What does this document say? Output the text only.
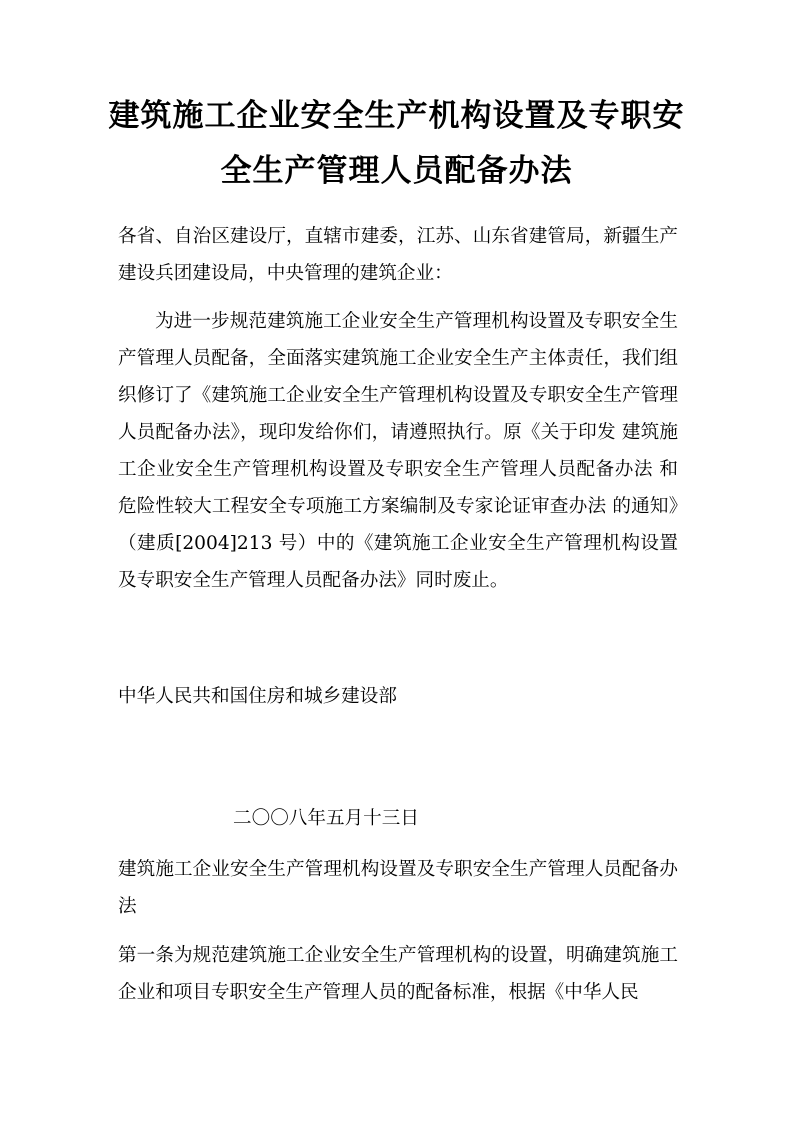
建筑施工企业安全生产机构设置及专职安
全生产管理人员配备办法
各省、自治区建设厅，直辖市建委，江苏、山东省建管局，新疆生产建设兵团建设局，中央管理的建筑企业：
为进一步规范建筑施工企业安全生产管理机构设置及专职安全生产管理人员配备，全面落实建筑施工企业安全生产主体责任，我们组织修订了《建筑施工企业安全生产管理机构设置及专职安全生产管理人员配备办法》，现印发给你们，请遵照执行。原《关于印发 建筑施工企业安全生产管理机构设置及专职安全生产管理人员配备办法 和 危险性较大工程安全专项施工方案编制及专家论证审查办法 的通知》（建质[2004]213 号）中的《建筑施工企业安全生产管理机构设置及专职安全生产管理人员配备办法》同时废止。
中华人民共和国住房和城乡建设部
二〇〇八年五月十三日
建筑施工企业安全生产管理机构设置及专职安全生产管理人员配备办法
第一条为规范建筑施工企业安全生产管理机构的设置，明确建筑施工企业和项目专职安全生产管理人员的配备标准，根据《中华人民
